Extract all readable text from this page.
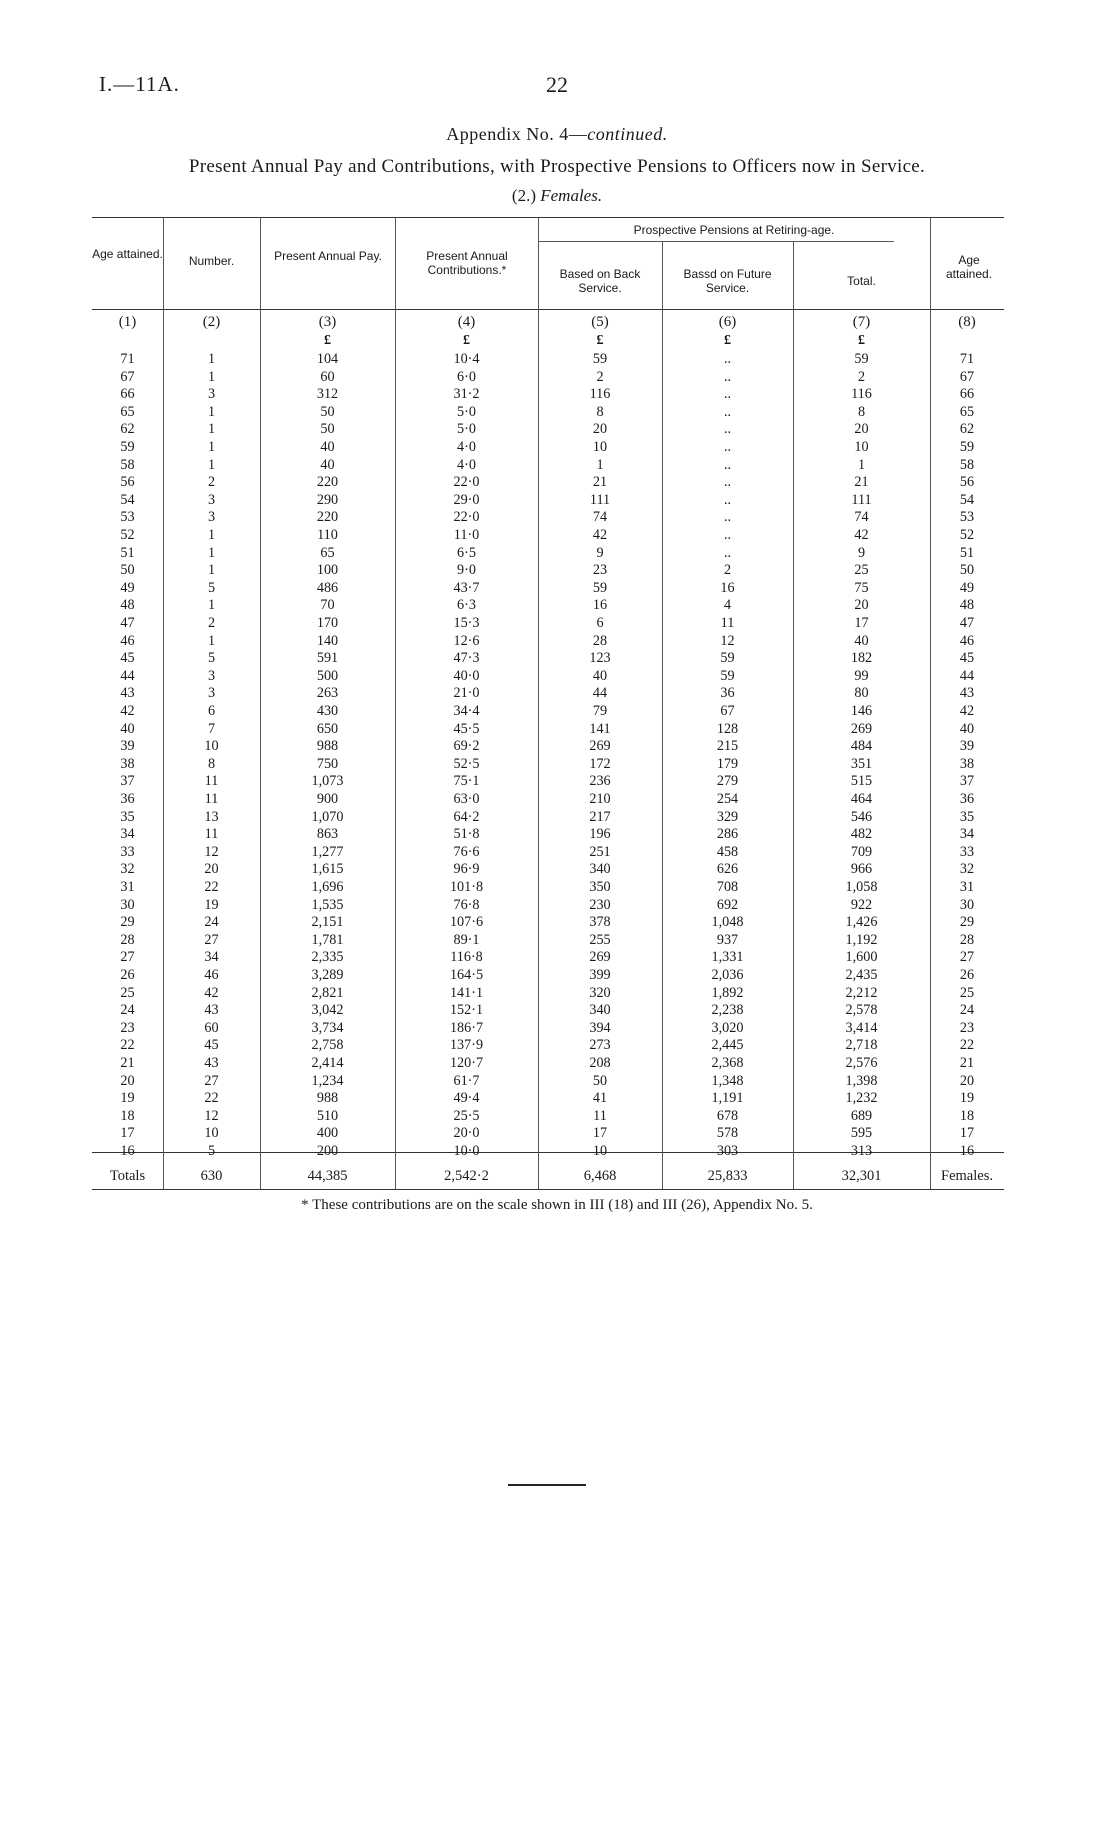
I.—11A.	22
Appendix No. 4—continued.
Present Annual Pay and Contributions, with Prospective Pensions to Officers now in Service.
(2.) Females.
Age attained.	Number.	Present Annual Pay.	Present Annual Contributions.*
Prospective Pensions at Retiring-age.
Based on Back Service.
Bassd on Future Service.	Total.
Age attained.
(1)	(2)	(3)	(4)	(5)	(6)	(7)	(8)
£	£	£	£	£
71	1	104	10·4	59	..	59	71
67	1	60	6·0	2	..	2	67
66	3	312	31·2	116	..	116	66
65	1	50	5·0	8	..	8	65
62	1	50	5·0	20	..	20	62
59	1	40	4·0	10	..	10	59
58	1	40	4·0	1	..	1	58
56	2	220	22·0	21	..	21	56
54	3	290	29·0	111	..	111	54
53	3	220	22·0	74	..	74	53
52	1	110	11·0	42	..	42	52
51	1	65	6·5	9	..	9	51
50	1	100	9·0	23	2	25	50
49	5	486	43·7	59	16	75	49
48	1	70	6·3	16	4	20	48
47	2	170	15·3	6	11	17	47
46	1	140	12·6	28	12	40	46
45	5	591	47·3	123	59	182	45
44	3	500	40·0	40	59	99	44
43	3	263	21·0	44	36	80	43
42	6	430	34·4	79	67	146	42
40	7	650	45·5	141	128	269	40
39	10	988	69·2	269	215	484	39
38	8	750	52·5	172	179	351	38
37	11	1,073	75·1	236	279	515	37
36	11	900	63·0	210	254	464	36
35	13	1,070	64·2	217	329	546	35
34	11	863	51·8	196	286	482	34
33	12	1,277	76·6	251	458	709	33
32	20	1,615	96·9	340	626	966	32
31	22	1,696	101·8	350	708	1,058	31
30	19	1,535	76·8	230	692	922	30
29	24	2,151	107·6	378	1,048	1,426	29
28	27	1,781	89·1	255	937	1,192	28
27	34	2,335	116·8	269	1,331	1,600	27
26	46	3,289	164·5	399	2,036	2,435	26
25	42	2,821	141·1	320	1,892	2,212	25
24	43	3,042	152·1	340	2,238	2,578	24
23	60	3,734	186·7	394	3,020	3,414	23
22	45	2,758	137·9	273	2,445	2,718	22
21	43	2,414	120·7	208	2,368	2,576	21
20	27	1,234	61·7	50	1,348	1,398	20
19	22	988	49·4	41	1,191	1,232	19
18	12	510	25·5	11	678	689	18
17	10	400	20·0	17	578	595	17
16	5	200	10·0	10	303	313	16
Totals	630	44,385	2,542·2	6,468	25,833	32,301	Females.
* These contributions are on the scale shown in III (18) and III (26), Appendix No. 5.
